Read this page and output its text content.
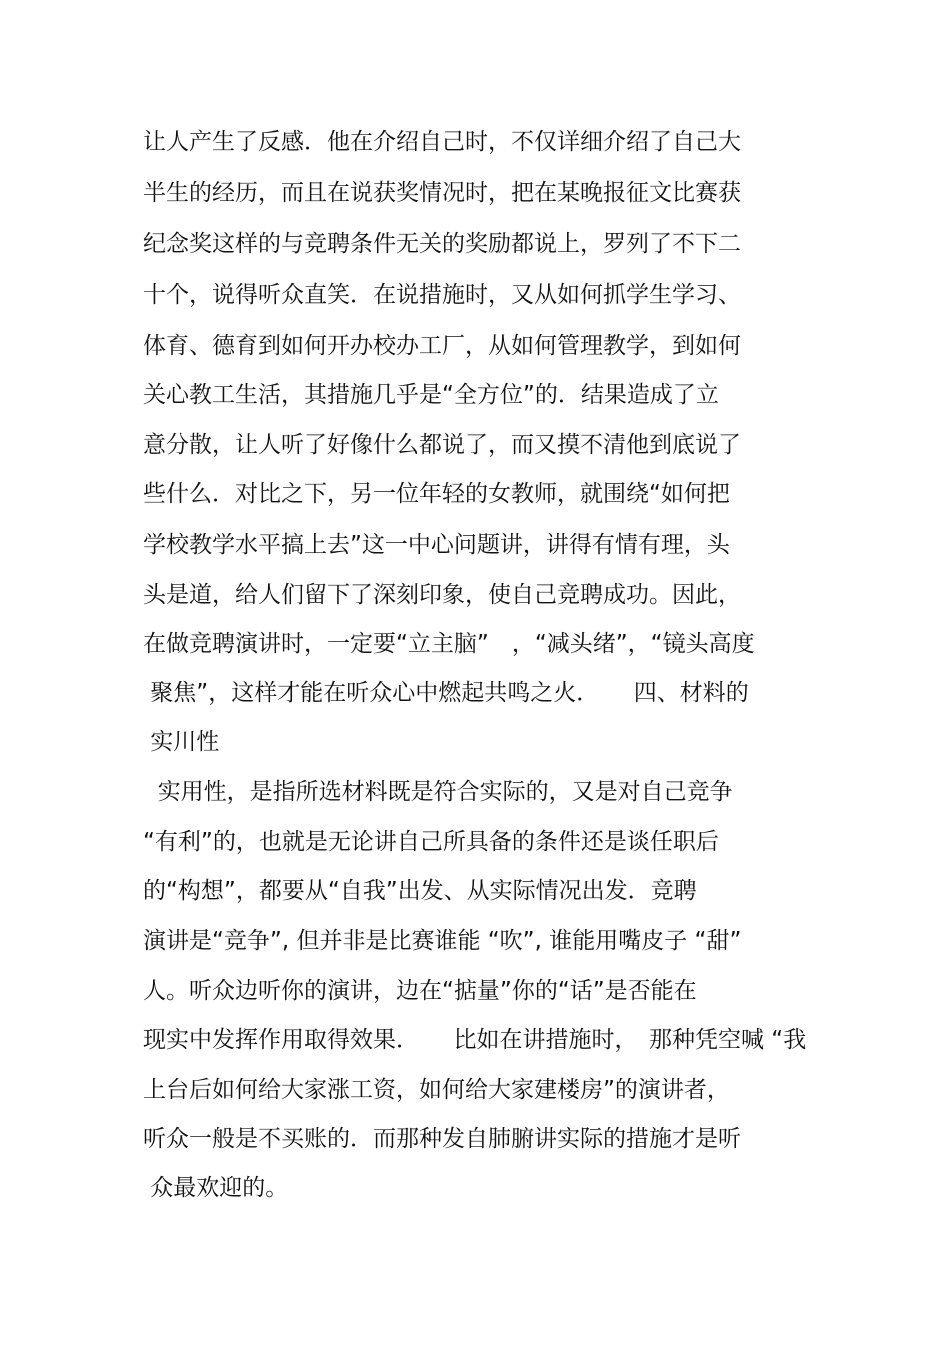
让人产生了反感．他在介绍自己时，不仅详细介绍了自己大
半生的经历，而且在说获奖情况时，把在某晚报征文比赛获
纪念奖这样的与竞聘条件无关的奖励都说上，罗列了不下二
十个，说得听众直笑．在说措施时，又从如何抓学生学习、
体育、德育到如何开办校办工厂，从如何管理教学，到如何
关心教工生活，其措施几乎是“全方位”的．结果造成了立
意分散，让人听了好像什么都说了，而又摸不清他到底说了
些什么．对比之下，另一位年轻的女教师，就围绕“如何把
学校教学水平搞上去”这一中心问题讲，讲得有情有理，头
头是道，给人们留下了深刻印象，使自己竞聘成功。因此，
在做竞聘演讲时，一定要“立主脑”　，“减头绪”，“镜头高度
聚焦”，这样才能在听众心中燃起共鸣之火．　　四、材料的
实川性
实用性，是指所选材料既是符合实际的，又是对自己竞争
“有利”的，也就是无论讲自己所具备的条件还是谈任职后
的“构想”，都要从“自我”出发、从实际情况出发．竞聘
演讲是“竞争”, 但并非是比赛谁能 “吹”, 谁能用嘴皮子 “甜”
人。听众边听你的演讲，边在“掂量”你的“话”是否能在
现实中发挥作用取得效果．　　比如在讲措施时，　那种凭空喊 “我
上台后如何给大家涨工资，如何给大家建楼房”的演讲者，
听众一般是不买账的．而那种发自肺腑讲实际的措施才是听
众最欢迎的。
